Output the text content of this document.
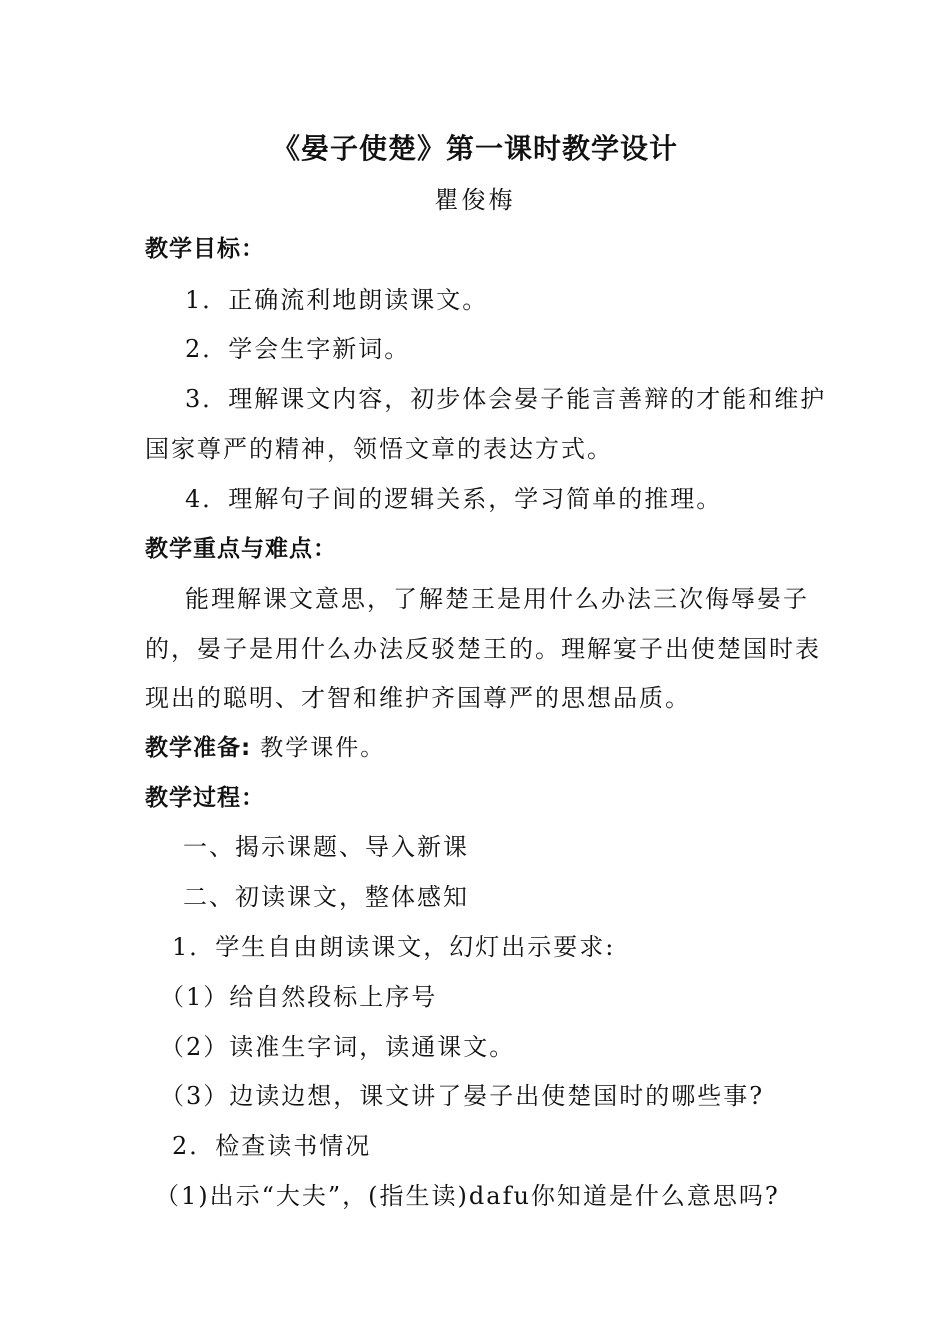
《晏子使楚》第一课时教学设计
瞿俊梅
教学目标：
1．正确流利地朗读课文。
2．学会生字新词。
3．理解课文内容，初步体会晏子能言善辩的才能和维护
国家尊严的精神，领悟文章的表达方式。
4．理解句子间的逻辑关系，学习简单的推理。
教学重点与难点：
能理解课文意思，了解楚王是用什么办法三次侮辱晏子
的，晏子是用什么办法反驳楚王的。理解宴子出使楚国时表
现出的聪明、才智和维护齐国尊严的思想品质。
教学准备: 教学课件。
教学过程：
一、揭示课题、导入新课
二、初读课文，整体感知
1．学生自由朗读课文，幻灯出示要求:
（1）给自然段标上序号
（2）读准生字词，读通课文。
（3）边读边想，课文讲了晏子出使楚国时的哪些事?
2．检查读书情况
（1)出示“大夫”，(指生读)dafu你知道是什么意思吗?
